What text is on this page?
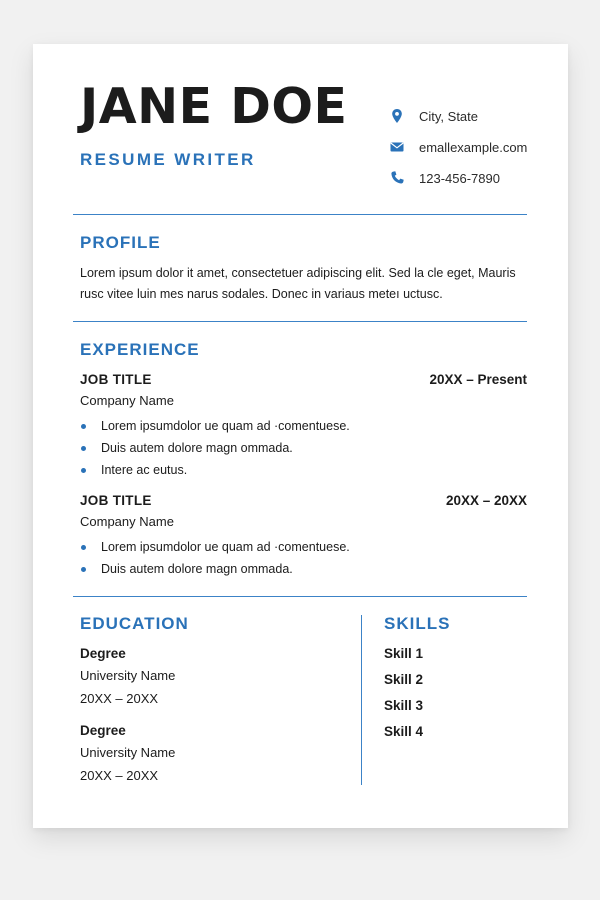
JANE DOE
RESUME WRITER
City, State
emallexample.com
123-456-7890
PROFILE
Lorem ipsum dolor it amet, consectetuer adipiscing elit. Sed la cle eget, Mauris rusc vitee luin mes narus sodales. Donec in variaus meteı uctusc.
EXPERIENCE
JOB TITLE	20XX – Present
Company Name
Lorem ipsumdolor ue quam ad ·comentuese.
Duis autem dolore magn ommada.
Intere ac eutus.
JOB TITLE	20XX – 20XX
Company Name
Lorem ipsumdolor ue quam ad ·comentuese.
Duis autem dolore magn ommada.
EDUCATION
Degree
University Name
20XX – 20XX
Degree
University Name
20XX – 20XX
SKILLS
Skill 1
Skill 2
Skill 3
Skill 4
